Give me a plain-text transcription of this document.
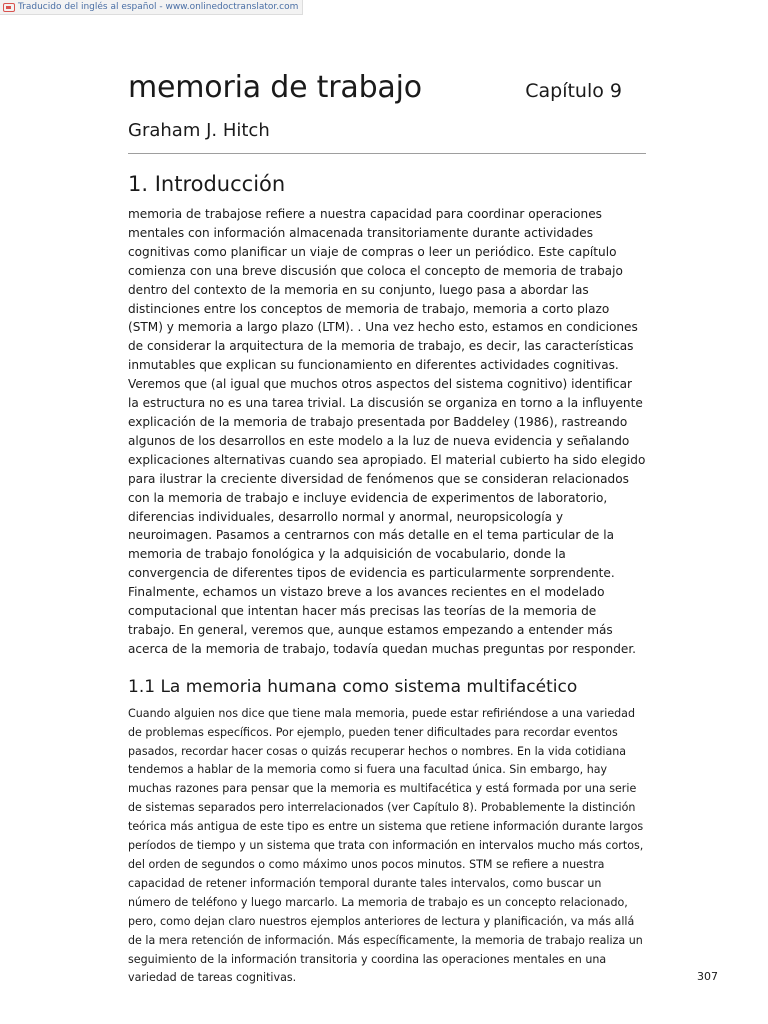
Traducido del inglés al español - www.onlinedoctranslator.com
memoria de trabajo	Capítulo 9
Graham J. Hitch
1. Introducción

memoria de trabajose refiere a nuestra capacidad para coordinar operaciones mentales con información almacenada transitoriamente durante actividades cognitivas como planificar un viaje de compras o leer un periódico. Este capítulo comienza con una breve discusión que coloca el concepto de memoria de trabajo dentro del contexto de la memoria en su conjunto, luego pasa a abordar las distinciones entre los conceptos de memoria de trabajo, memoria a corto plazo (STM) y memoria a largo plazo (LTM). . Una vez hecho esto, estamos en condiciones de considerar la arquitectura de la memoria de trabajo, es decir, las características inmutables que explican su funcionamiento en diferentes actividades cognitivas. Veremos que (al igual que muchos otros aspectos del sistema cognitivo) identificar la estructura no es una tarea trivial. La discusión se organiza en torno a la influyente explicación de la memoria de trabajo presentada por Baddeley (1986), rastreando algunos de los desarrollos en este modelo a la luz de nueva evidencia y señalando explicaciones alternativas cuando sea apropiado. El material cubierto ha sido elegido para ilustrar la creciente diversidad de fenómenos que se consideran relacionados con la memoria de trabajo e incluye evidencia de experimentos de laboratorio, diferencias individuales, desarrollo normal y anormal, neuropsicología y neuroimagen. Pasamos a centrarnos con más detalle en el tema particular de la memoria de trabajo fonológica y la adquisición de vocabulario, donde la convergencia de diferentes tipos de evidencia es particularmente sorprendente. Finalmente, echamos un vistazo breve a los avances recientes en el modelado computacional que intentan hacer más precisas las teorías de la memoria de trabajo. En general, veremos que, aunque estamos empezando a entender más acerca de la memoria de trabajo, todavía quedan muchas preguntas por responder.

1.1 La memoria humana como sistema multifacético

Cuando alguien nos dice que tiene mala memoria, puede estar refiriéndose a una variedad de problemas específicos. Por ejemplo, pueden tener dificultades para recordar eventos pasados, recordar hacer cosas o quizás recuperar hechos o nombres. En la vida cotidiana tendemos a hablar de la memoria como si fuera una facultad única. Sin embargo, hay muchas razones para pensar que la memoria es multifacética y está formada por una serie de sistemas separados pero interrelacionados (ver Capítulo 8). Probablemente la distinción teórica más antigua de este tipo es entre un sistema que retiene información durante largos períodos de tiempo y un sistema que trata con información en intervalos mucho más cortos, del orden de segundos o como máximo unos pocos minutos. STM se refiere a nuestra capacidad de retener información temporal durante tales intervalos, como buscar un número de teléfono y luego marcarlo. La memoria de trabajo es un concepto relacionado, pero, como dejan claro nuestros ejemplos anteriores de lectura y planificación, va más allá de la mera retención de información. Más específicamente, la memoria de trabajo realiza un seguimiento de la información transitoria y coordina las operaciones mentales en una variedad de tareas cognitivas.	307
